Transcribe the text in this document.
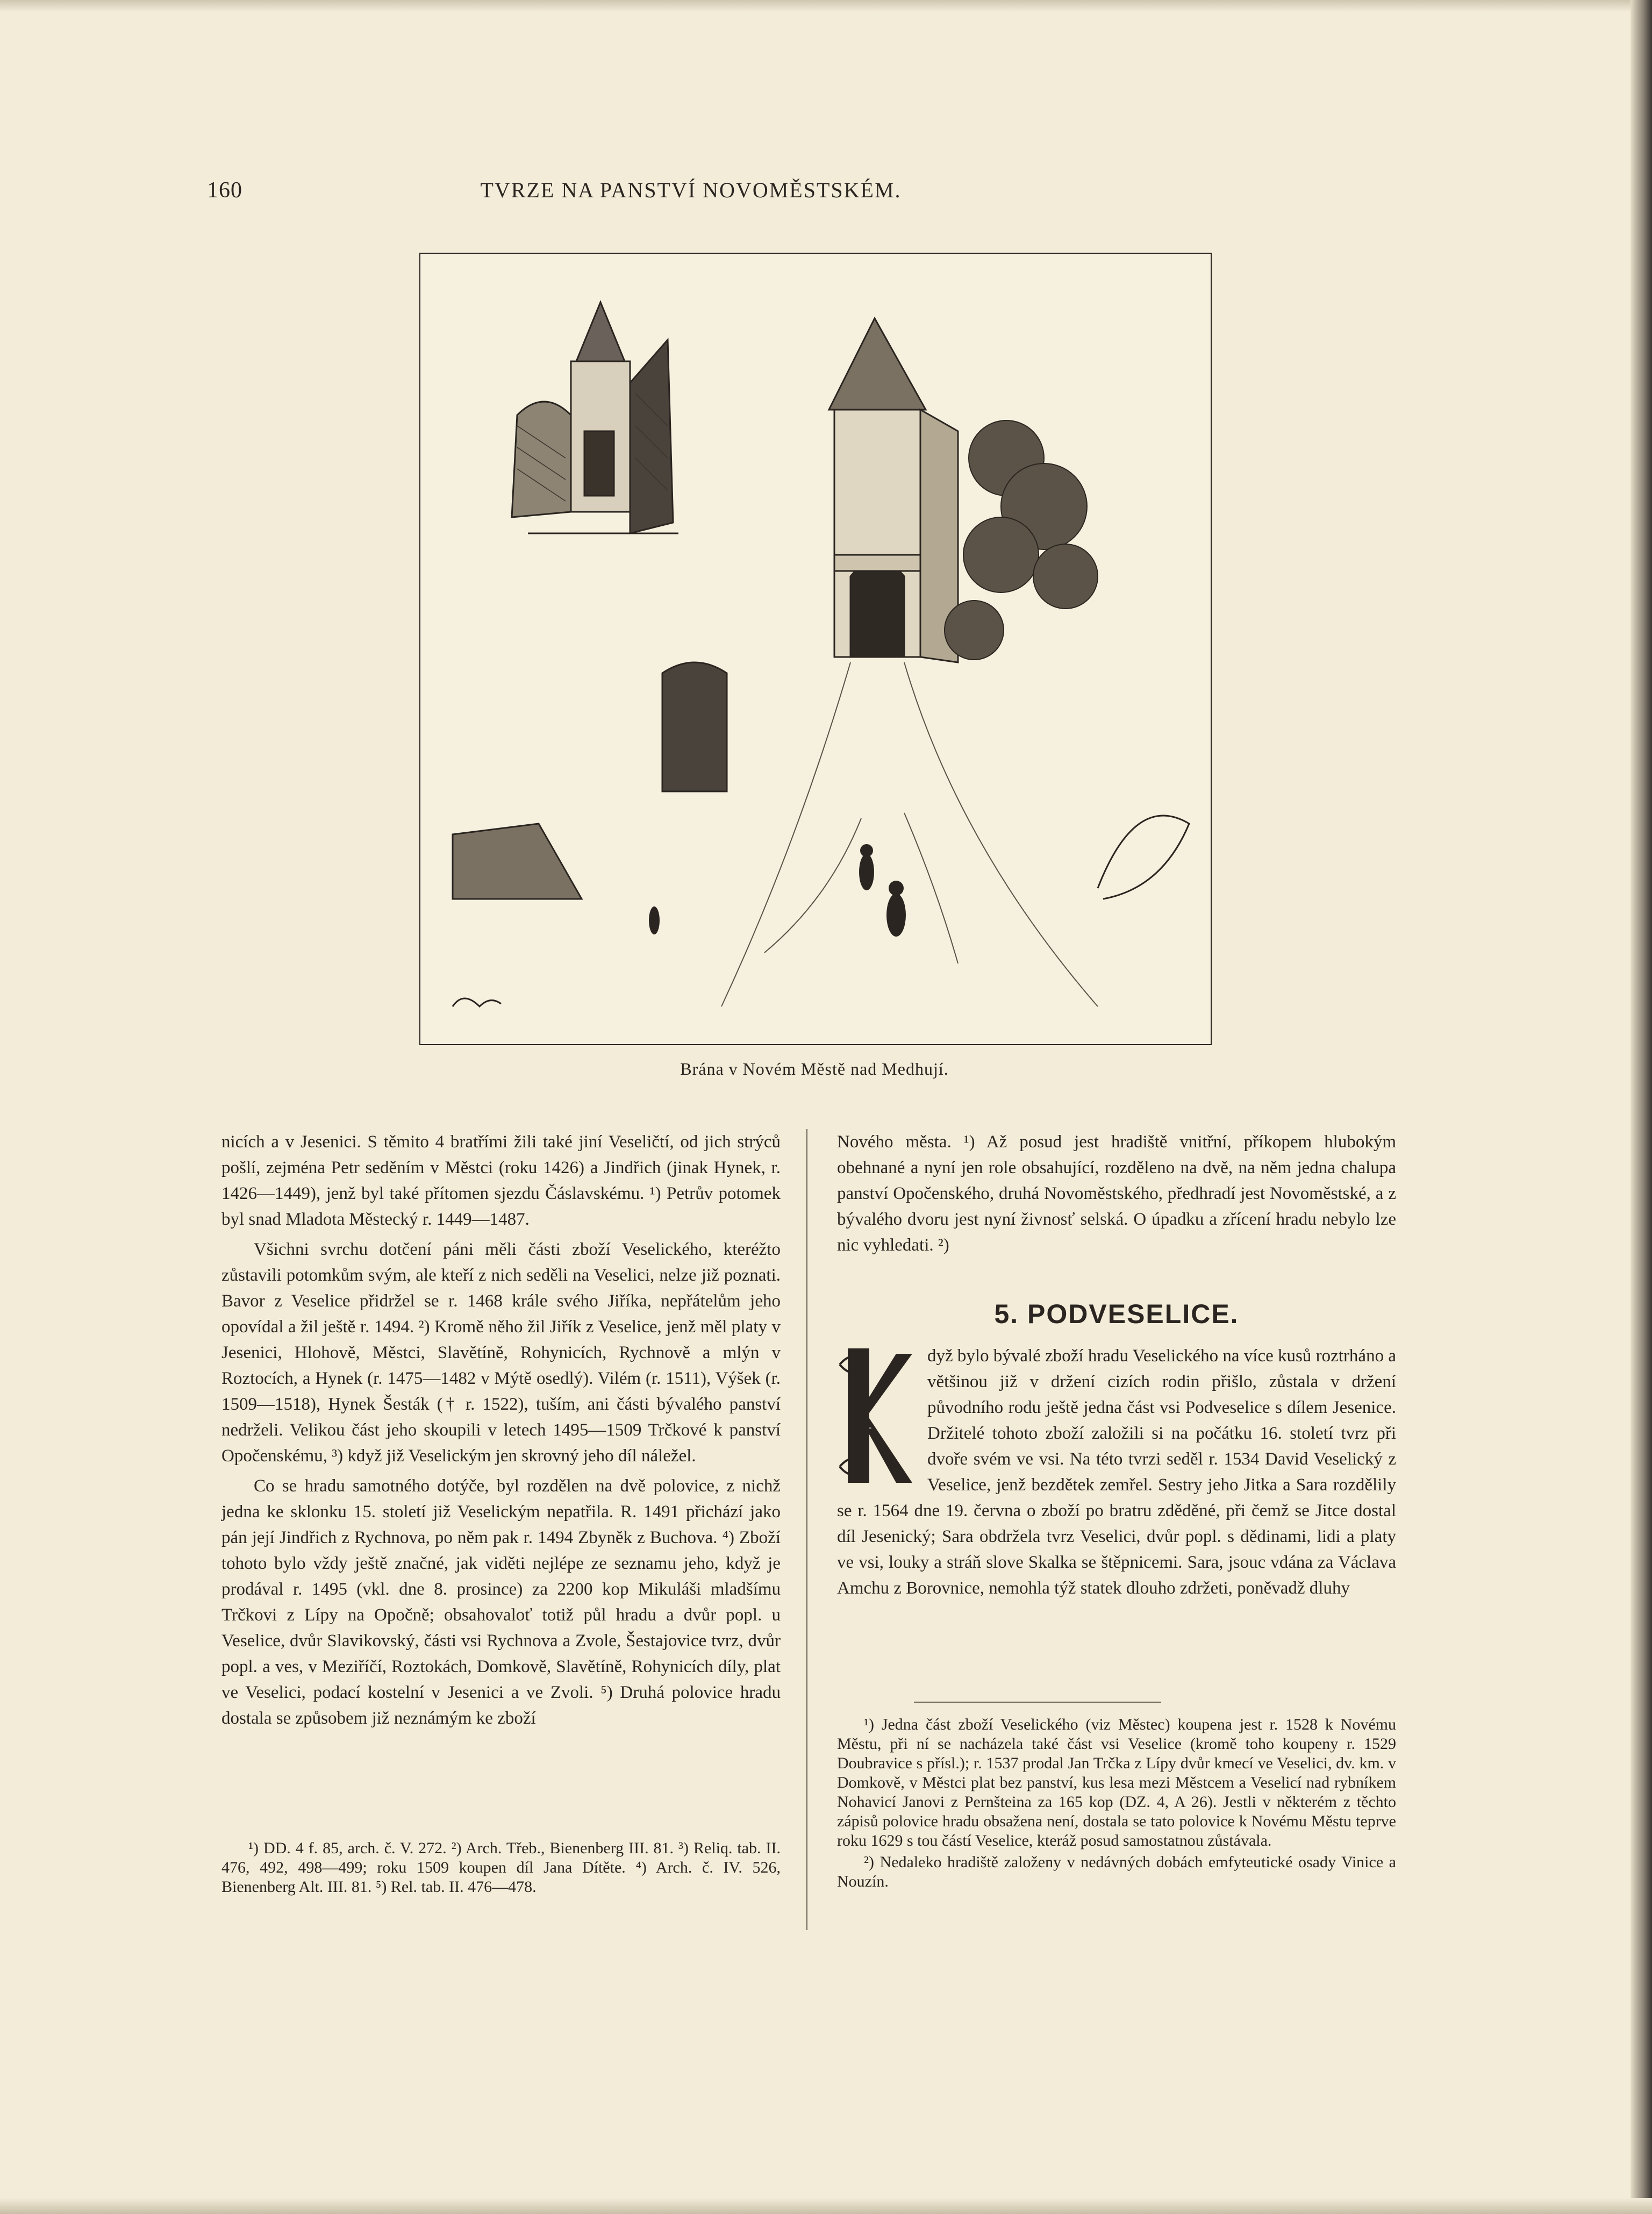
160	TVRZE NA PANSTVÍ NOVOMĚSTSKÉM.
Brána v Novém Městě nad Medhují.

nicích a v Jesenici. S těmito 4 bratřími žili také jiní Veseličtí, od jich strýců pošlí, zejména Petr seděním v Městci (roku 1426) a Jindřich (jinak Hynek, r. 1426—1449), jenž byl také přítomen sjezdu Čáslavskému. ¹) Petrův potomek byl snad Mladota Městecký r. 1449—1487.

Všichni svrchu dotčení páni měli části zboží Veselického, kteréžto zůstavili potomkům svým, ale kteří z nich seděli na Veselici, nelze již poznati. Bavor z Veselice přidržel se r. 1468 krále svého Jiříka, nepřátelům jeho opovídal a žil ještě r. 1494. ²) Kromě něho žil Jiřík z Veselice, jenž měl platy v Jesenici, Hlohově, Městci, Slavětíně, Rohynicích, Rychnově a mlýn v Roztocích, a Hynek (r. 1475—1482 v Mýtě osedlý). Vilém (r. 1511), Výšek (r. 1509—1518), Hynek Šesták († r. 1522), tuším, ani části bývalého panství nedrželi. Velikou část jeho skoupili v letech 1495—1509 Trčkové k panství Opočenskému, ³) když již Veselickým jen skrovný jeho díl náležel.

Co se hradu samotného dotýče, byl rozdělen na dvě polovice, z nichž jedna ke sklonku 15. století již Veselickým nepatřila. R. 1491 přichází jako pán její Jindřich z Rychnova, po něm pak r. 1494 Zbyněk z Buchova. ⁴) Zboží tohoto bylo vždy ještě značné, jak viděti nejlépe ze seznamu jeho, když je prodával r. 1495 (vkl. dne 8. prosince) za 2200 kop Mikuláši mladšímu Trčkovi z Lípy na Opočně; obsahovaloť totiž půl hradu a dvůr popl. u Veselice, dvůr Slavikovský, části vsi Rychnova a Zvole, Šestajovice tvrz, dvůr popl. a ves, v Meziříčí, Roztokách, Domkově, Slavětíně, Rohynicích díly, plat ve Veselici, podací kostelní v Jesenici a ve Zvoli. ⁵) Druhá polovice hradu dostala se způsobem již neznámým ke zboží

Nového města. ¹) Až posud jest hradiště vnitřní, příkopem hlubokým obehnané a nyní jen role obsahující, rozděleno na dvě, na něm jedna chalupa panství Opočenského, druhá Novoměstského, předhradí jest Novoměstské, a z bývalého dvoru jest nyní živnosť selská. O úpadku a zřícení hradu nebylo lze nic vyhledati. ²)

5. PODVESELICE.
K

dyž bylo bývalé zboží hradu Veselického na více kusů roztrháno a většinou již v držení cizích rodin přišlo, zůstala v držení původního rodu ještě jedna část vsi Podveselice s dílem Jesenice. Držitelé tohoto zboží založili si na počátku 16. století tvrz při dvoře svém ve vsi. Na této tvrzi seděl r. 1534 David Veselický z Veselice, jenž bezdětek zemřel. Sestry jeho Jitka a Sara rozdělily se r. 1564 dne 19. června o zboží po bratru zděděné, při čemž se Jitce dostal díl Jesenický; Sara obdržela tvrz Veselici, dvůr popl. s dědinami, lidi a platy ve vsi, louky a stráň slove Skalka se štěpnicemi. Sara, jsouc vdána za Václava Amchu z Borovnice, nemohla týž statek dlouho zdržeti, poněvadž dluhy

¹) DD. 4 f. 85, arch. č. V. 272. ²) Arch. Třeb., Bienenberg III. 81. ³) Reliq. tab. II. 476, 492, 498—499; roku 1509 koupen díl Jana Dítěte. ⁴) Arch. č. IV. 526, Bienenberg Alt. III. 81. ⁵) Rel. tab. II. 476—478.

¹) Jedna část zboží Veselického (viz Městec) koupena jest r. 1528 k Novému Městu, při ní se nacházela také část vsi Veselice (kromě toho koupeny r. 1529 Doubravice s přísl.); r. 1537 prodal Jan Trčka z Lípy dvůr kmecí ve Veselici, dv. km. v Domkově, v Městci plat bez panství, kus lesa mezi Městcem a Veselicí nad rybníkem Nohavicí Janovi z Pernšteina za 165 kop (DZ. 4, A 26). Jestli v některém z těchto zápisů polovice hradu obsažena není, dostala se tato polovice k Novému Městu teprve roku 1629 s tou částí Veselice, kteráž posud samostatnou zůstávala.

²) Nedaleko hradiště založeny v nedávných dobách emfyteutické osady Vinice a Nouzín.
